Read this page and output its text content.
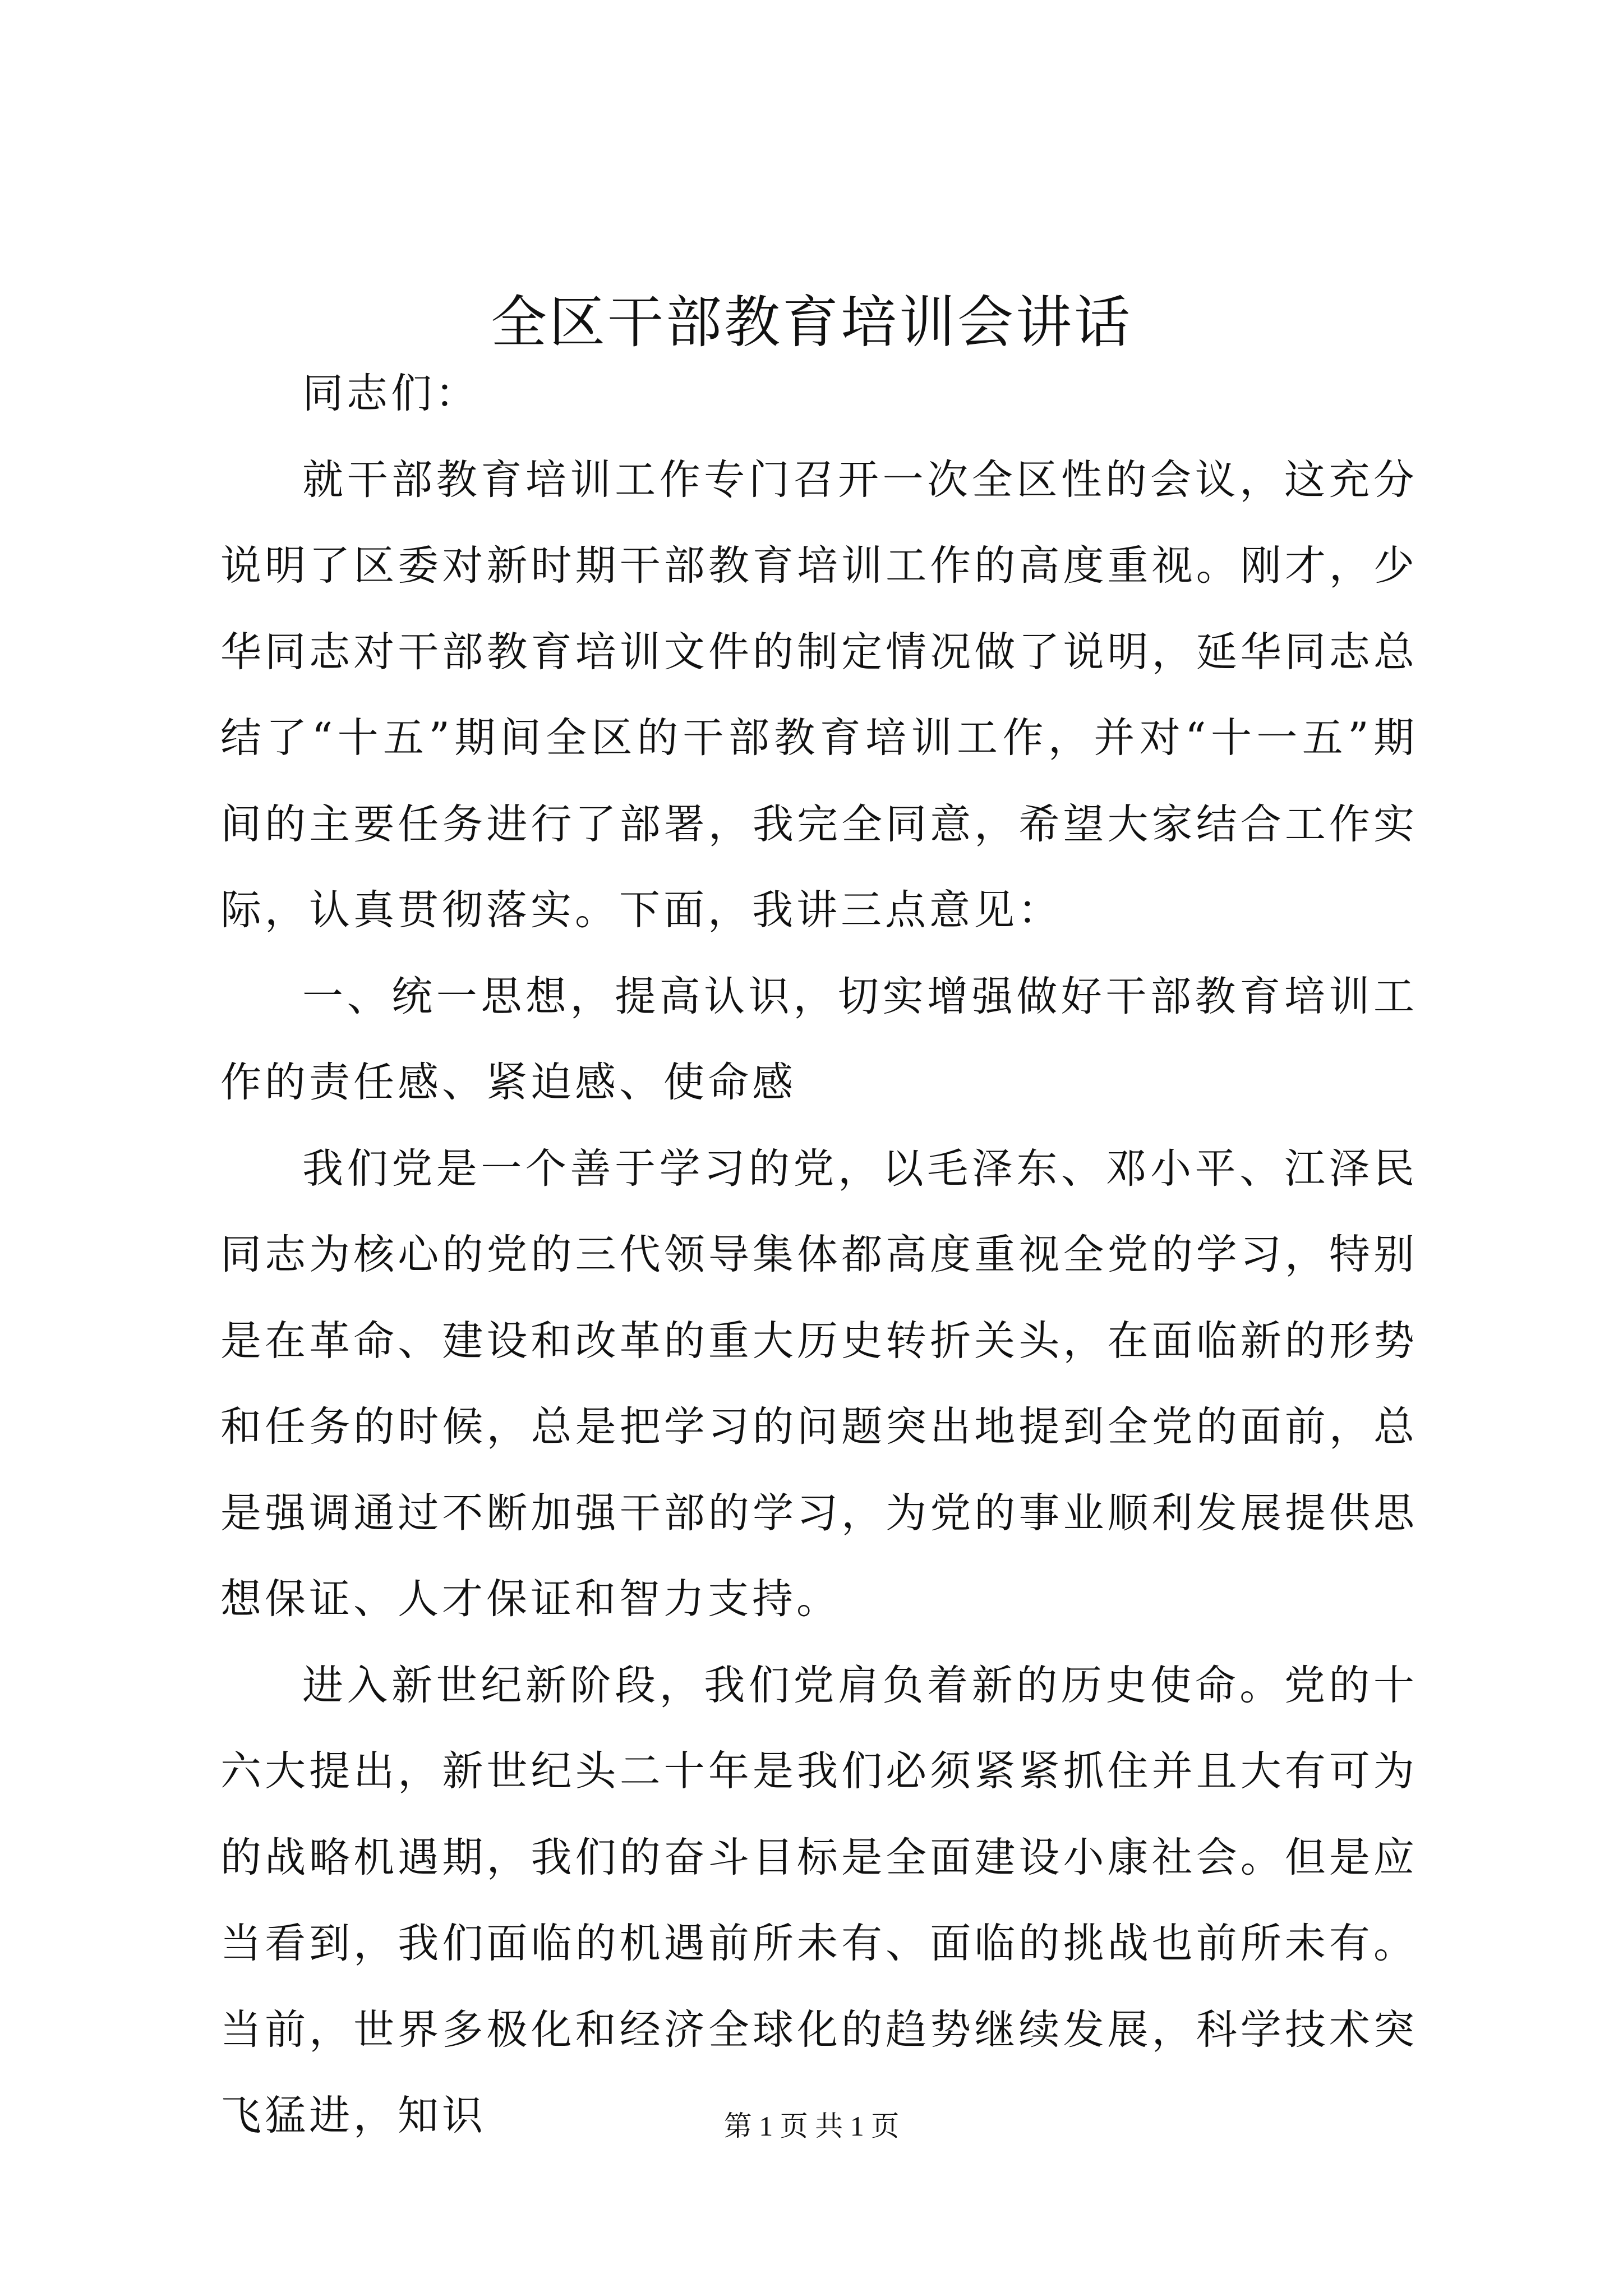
全区干部教育培训会讲话

同志们：

就干部教育培训工作专门召开一次全区性的会议，这充分说明了区委对新时期干部教育培训工作的高度重视。刚才，少华同志对干部教育培训文件的制定情况做了说明，延华同志总结了“十五”期间全区的干部教育培训工作，并对“十一五”期间的主要任务进行了部署，我完全同意，希望大家结合工作实际，认真贯彻落实。下面，我讲三点意见：

一、统一思想，提高认识，切实增强做好干部教育培训工作的责任感、紧迫感、使命感

我们党是一个善于学习的党，以毛泽东、邓小平、江泽民同志为核心的党的三代领导集体都高度重视全党的学习，特别是在革命、建设和改革的重大历史转折关头，在面临新的形势和任务的时候，总是把学习的问题突出地提到全党的面前，总是强调通过不断加强干部的学习，为党的事业顺利发展提供思想保证、人才保证和智力支持。

进入新世纪新阶段，我们党肩负着新的历史使命。党的十六大提出，新世纪头二十年是我们必须紧紧抓住并且大有可为的战略机遇期，我们的奋斗目标是全面建设小康社会。但是应当看到，我们面临的机遇前所未有、面临的挑战也前所未有。当前，世界多极化和经济全球化的趋势继续发展，科学技术突飞猛进，知识	第 1 页 共 1 页
